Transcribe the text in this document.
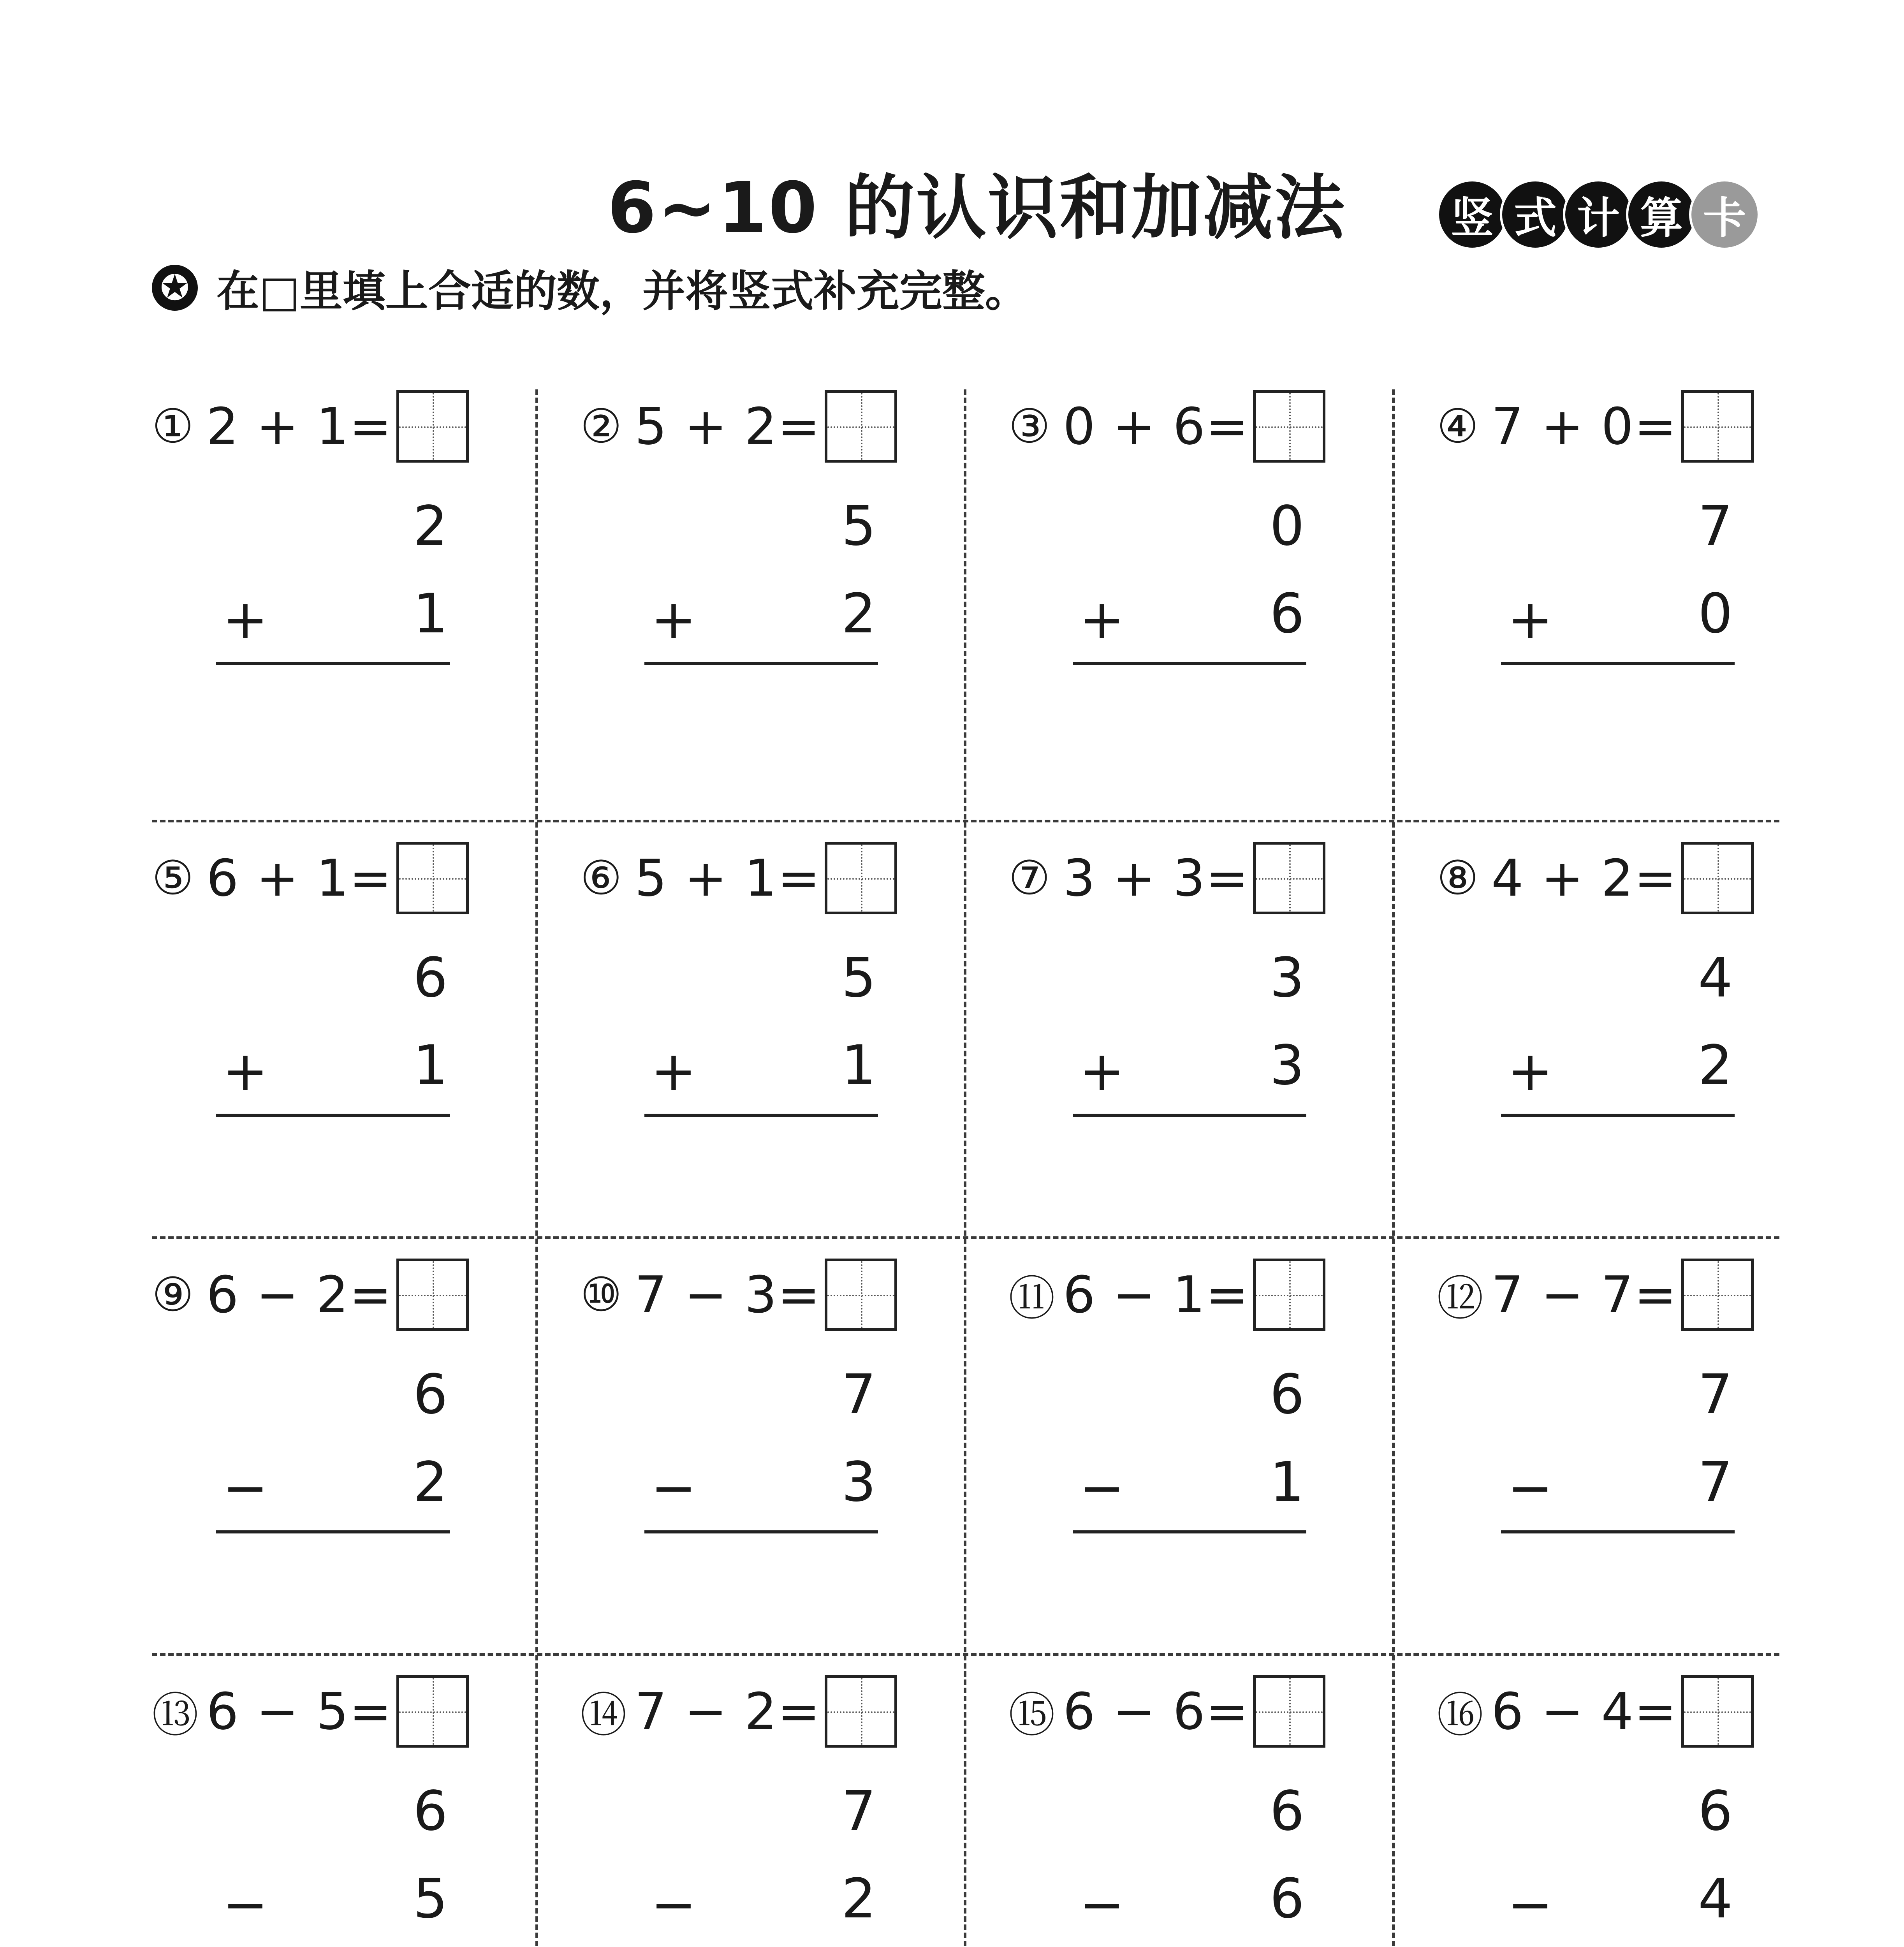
6~10 的认识和加减法	竖 式 计 算 卡
✪ 在□里填上合适的数，并将竖式补充完整。
① 2 + 1=
2
+	1
② 5 + 2=
5
+	2
③ 0 + 6=
0
+	6
④ 7 + 0=
7
+	0
⑤ 6 + 1=
6
+	1
⑥ 5 + 1=
5
+	1
⑦ 3 + 3=
3
+	3
⑧ 4 + 2=
4
+	2
⑨ 6 − 2=
6
−	2
⑩ 7 − 3=
7
−	3
⑪ 6 − 1=
6
−	1
⑫ 7 − 7=
7
−	7
⑬ 6 − 5=
6
−	5
⑭ 7 − 2=
7
−	2
⑮ 6 − 6=
6
−	6
⑯ 6 − 4=
6
−	4
